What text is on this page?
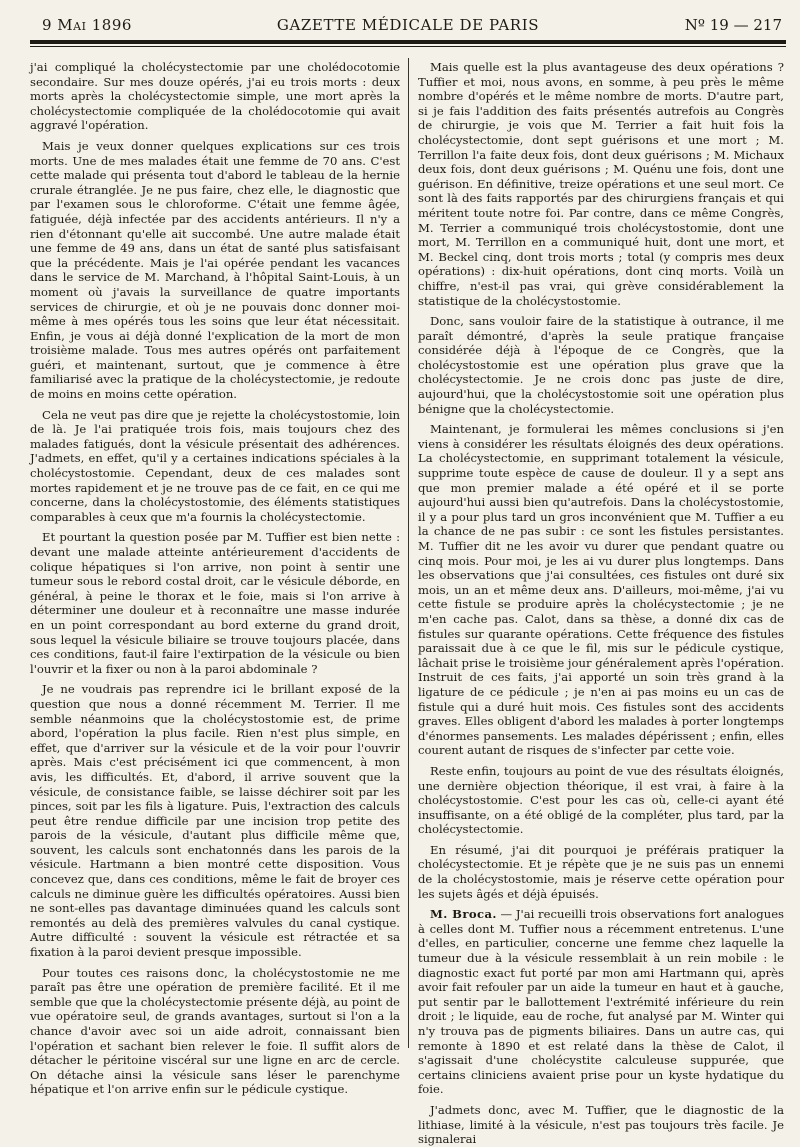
9 Mai 1896	GAZETTE MÉDICALE DE PARIS	Nº 19 — 217

j'ai compliqué la cholécystectomie par une cholédocotomie secondaire. Sur mes douze opérés, j'ai eu trois morts : deux morts après la cholécystectomie simple, une mort après la cholécystectomie compliquée de la cholédocotomie qui avait aggravé l'opération.

Mais je veux donner quelques explications sur ces trois morts. Une de mes malades était une femme de 70 ans. C'est cette malade qui présenta tout d'abord le tableau de la hernie crurale étranglée. Je ne pus faire, chez elle, le diagnostic que par l'examen sous le chloroforme. C'était une femme âgée, fatiguée, déjà infectée par des accidents antérieurs. Il n'y a rien d'étonnant qu'elle ait succombé. Une autre malade était une femme de 49 ans, dans un état de santé plus satisfaisant que la précédente. Mais je l'ai opérée pendant les vacances dans le service de M. Marchand, à l'hôpital Saint-Louis, à un moment où j'avais la surveillance de quatre importants services de chirurgie, et où je ne pouvais donc donner moi-même à mes opérés tous les soins que leur état nécessitait. Enfin, je vous ai déjà donné l'explication de la mort de mon troisième malade. Tous mes autres opérés ont parfaitement guéri, et maintenant, surtout, que je commence à être familiarisé avec la pratique de la cholécystectomie, je redoute de moins en moins cette opération.

Cela ne veut pas dire que je rejette la cholécystostomie, loin de là. Je l'ai pratiquée trois fois, mais toujours chez des malades fatigués, dont la vésicule présentait des adhérences. J'admets, en effet, qu'il y a certaines indications spéciales à la cholécystostomie. Cependant, deux de ces malades sont mortes rapidement et je ne trouve pas de ce fait, en ce qui me concerne, dans la cholécystostomie, des éléments statistiques comparables à ceux que m'a fournis la cholécystectomie.

Et pourtant la question posée par M. Tuffier est bien nette : devant une malade atteinte antérieurement d'accidents de colique hépatiques si l'on arrive, non point à sentir une tumeur sous le rebord costal droit, car le vésicule déborde, en général, à peine le thorax et le foie, mais si l'on arrive à déterminer une douleur et à reconnaître une masse indurée en un point correspondant au bord externe du grand droit, sous lequel la vésicule biliaire se trouve toujours placée, dans ces conditions, faut-il faire l'extirpation de la vésicule ou bien l'ouvrir et la fixer ou non à la paroi abdominale ?

Je ne voudrais pas reprendre ici le brillant exposé de la question que nous a donné récemment M. Terrier. Il me semble néanmoins que la cholécystostomie est, de prime abord, l'opération la plus facile. Rien n'est plus simple, en effet, que d'arriver sur la vésicule et de la voir pour l'ouvrir après. Mais c'est précisément ici que commencent, à mon avis, les difficultés. Et, d'abord, il arrive souvent que la vésicule, de consistance faible, se laisse déchirer soit par les pinces, soit par les fils à ligature. Puis, l'extraction des calculs peut être rendue difficile par une incision trop petite des parois de la vésicule, d'autant plus difficile même que, souvent, les calculs sont enchatonnés dans les parois de la vésicule. Hartmann a bien montré cette disposition. Vous concevez que, dans ces conditions, même le fait de broyer ces calculs ne diminue guère les difficultés opératoires. Aussi bien ne sont-elles pas davantage diminuées quand les calculs sont remontés au delà des premières valvules du canal cystique. Autre difficulté : souvent la vésicule est rétractée et sa fixation à la paroi devient presque impossible.

Pour toutes ces raisons donc, la cholécystostomie ne me paraît pas être une opération de première facilité. Et il me semble que que la cholécystectomie présente déjà, au point de vue opératoire seul, de grands avantages, surtout si l'on a la chance d'avoir avec soi un aide adroit, connaissant bien l'opération et sachant bien relever le foie. Il suffit alors de détacher le péritoine viscéral sur une ligne en arc de cercle. On détache ainsi la vésicule sans léser le parenchyme hépatique et l'on arrive enfin sur le pédicule cystique.

Mais quelle est la plus avantageuse des deux opérations ? Tuffier et moi, nous avons, en somme, à peu près le même nombre d'opérés et le même nombre de morts. D'autre part, si je fais l'addition des faits présentés autrefois au Congrès de chirurgie, je vois que M. Terrier a fait huit fois la cholécystectomie, dont sept guérisons et une mort ; M. Terrillon l'a faite deux fois, dont deux guérisons ; M. Michaux deux fois, dont deux guérisons ; M. Quénu une fois, dont une guérison. En définitive, treize opérations et une seul mort. Ce sont là des faits rapportés par des chirurgiens français et qui méritent toute notre foi. Par contre, dans ce même Congrès, M. Terrier a communiqué trois cholécystostomie, dont une mort, M. Terrillon en a communiqué huit, dont une mort, et M. Beckel cinq, dont trois morts ; total (y compris mes deux opérations) : dix-huit opérations, dont cinq morts. Voilà un chiffre, n'est-il pas vrai, qui grève considérablement la statistique de la cholécystostomie.

Donc, sans vouloir faire de la statistique à outrance, il me paraît démontré, d'après la seule pratique française considérée déjà à l'époque de ce Congrès, que la cholécystostomie est une opération plus grave que la cholécystectomie. Je ne crois donc pas juste de dire, aujourd'hui, que la cholécystostomie soit une opération plus bénigne que la cholécystectomie.

Maintenant, je formulerai les mêmes conclusions si j'en viens à considérer les résultats éloignés des deux opérations. La cholécystectomie, en supprimant totalement la vésicule, supprime toute espèce de cause de douleur. Il y a sept ans que mon premier malade a été opéré et il se porte aujourd'hui aussi bien qu'autrefois. Dans la cholécystostomie, il y a pour plus tard un gros inconvénient que M. Tuffier a eu la chance de ne pas subir : ce sont les fistules persistantes. M. Tuffier dit ne les avoir vu durer que pendant quatre ou cinq mois. Pour moi, je les ai vu durer plus longtemps. Dans les observations que j'ai consultées, ces fistules ont duré six mois, un an et même deux ans. D'ailleurs, moi-même, j'ai vu cette fistule se produire après la cholécystectomie ; je ne m'en cache pas. Calot, dans sa thèse, a donné dix cas de fistules sur quarante opérations. Cette fréquence des fistules paraissait due à ce que le fil, mis sur le pédicule cystique, lâchait prise le troisième jour généralement après l'opération. Instruit de ces faits, j'ai apporté un soin très grand à la ligature de ce pédicule ; je n'en ai pas moins eu un cas de fistule qui a duré huit mois. Ces fistules sont des accidents graves. Elles obligent d'abord les malades à porter longtemps d'énormes pansements. Les malades dépérissent ; enfin, elles courent autant de risques de s'infecter par cette voie.

Reste enfin, toujours au point de vue des résultats éloignés, une dernière objection théorique, il est vrai, à faire à la cholécystostomie. C'est pour les cas où, celle-ci ayant été insuffisante, on a été obligé de la compléter, plus tard, par la cholécystectomie.

En résumé, j'ai dit pourquoi je préférais pratiquer la cholécystectomie. Et je répète que je ne suis pas un ennemi de la cholécystostomie, mais je réserve cette opération pour les sujets âgés et déjà épuisés.

M. Broca. — J'ai recueilli trois observations fort analogues à celles dont M. Tuffier nous a récemment entretenus. L'une d'elles, en particulier, concerne une femme chez laquelle la tumeur due à la vésicule ressemblait à un rein mobile : le diagnostic exact fut porté par mon ami Hartmann qui, après avoir fait refouler par un aide la tumeur en haut et à gauche, put sentir par le ballottement l'extrémité inférieure du rein droit ; le liquide, eau de roche, fut analysé par M. Winter qui n'y trouva pas de pigments biliaires. Dans un autre cas, qui remonte à 1890 et est relaté dans la thèse de Calot, il s'agissait d'une cholécystite calculeuse suppurée, que certains cliniciens avaient prise pour un kyste hydatique du foie.

J'admets donc, avec M. Tuffier, que le diagnostic de la lithiase, limité à la vésicule, n'est pas toujours très facile. Je signalerai
